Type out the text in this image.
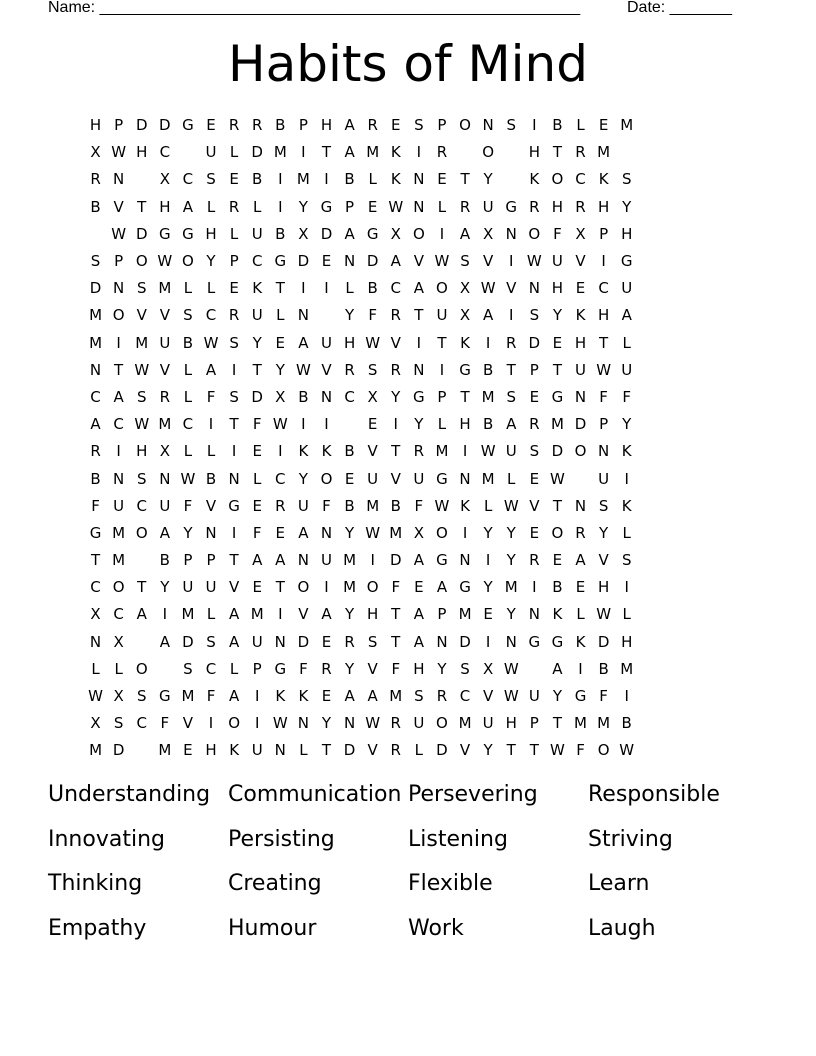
Name: ______________________________________________________	Date: _______
Habits of Mind
H P D D G E R R B P H A R E S P O N S	I	B L E M
X W H C	U L D M I	T A M K	I	R	O	H T R M
R N	X C S E B	I M I	B L K N E T Y	K O C K S
B V T H A L R L	I	Y G P E W N L R U G R H R H Y
W D G G H L U B X D A G X O I	A X N O F X P H
S P O W O Y P C G D E N D A V W S V	I W U V	I	G
D N S M L L E K T	I	I	L B C A O X W V N H E C U
M O V V S C R U L N	Y F R T U X A	I	S Y K H A
M I M U B W S Y E A U H W V	I	T K	I	R D E H T L
N T W V L A	I	T Y W V R S R N	I	G B T P T U W U
C A S R L F S D X B N C X Y G P T M S E G N F F
A C W M C	I	T F W I	I	E	I	Y L H B A R M D P Y
R	I	H X L L	I	E	I	K K B V T R M I W U S D O N K
B N S N W B N L C Y O E U V U G N M L E W	U	I
F U C U F V G E R U F B M B F W K L W V T N S K
G M O A Y N	I	F E A N Y W M X O I	Y Y E O R Y L
T M	B P P T A A N U M I	D A G N	I	Y R E A V S
C O T Y U U V E T O I M O F E A G Y M I	B E H	I
X C A	I M L A M I	V A Y H T A P M E Y N K L W L
N X	A D S A U N D E R S T A N D	I	N G G K D H
L L O	S C L P G F R Y V F H Y S X W	A	I	B M
W X S G M F A	I	K K E A A M S R C V W U Y G F	I
X S C F V	I O I W N Y N W R U O M U H P T M M B
M D	M E H K U N L T D V R L D V Y T T W F O W
Understanding Communication Persevering	Responsible
Innovating	Persisting	Listening	Striving
Thinking	Creating	Flexible	Learn
Empathy	Humour	Work	Laugh
